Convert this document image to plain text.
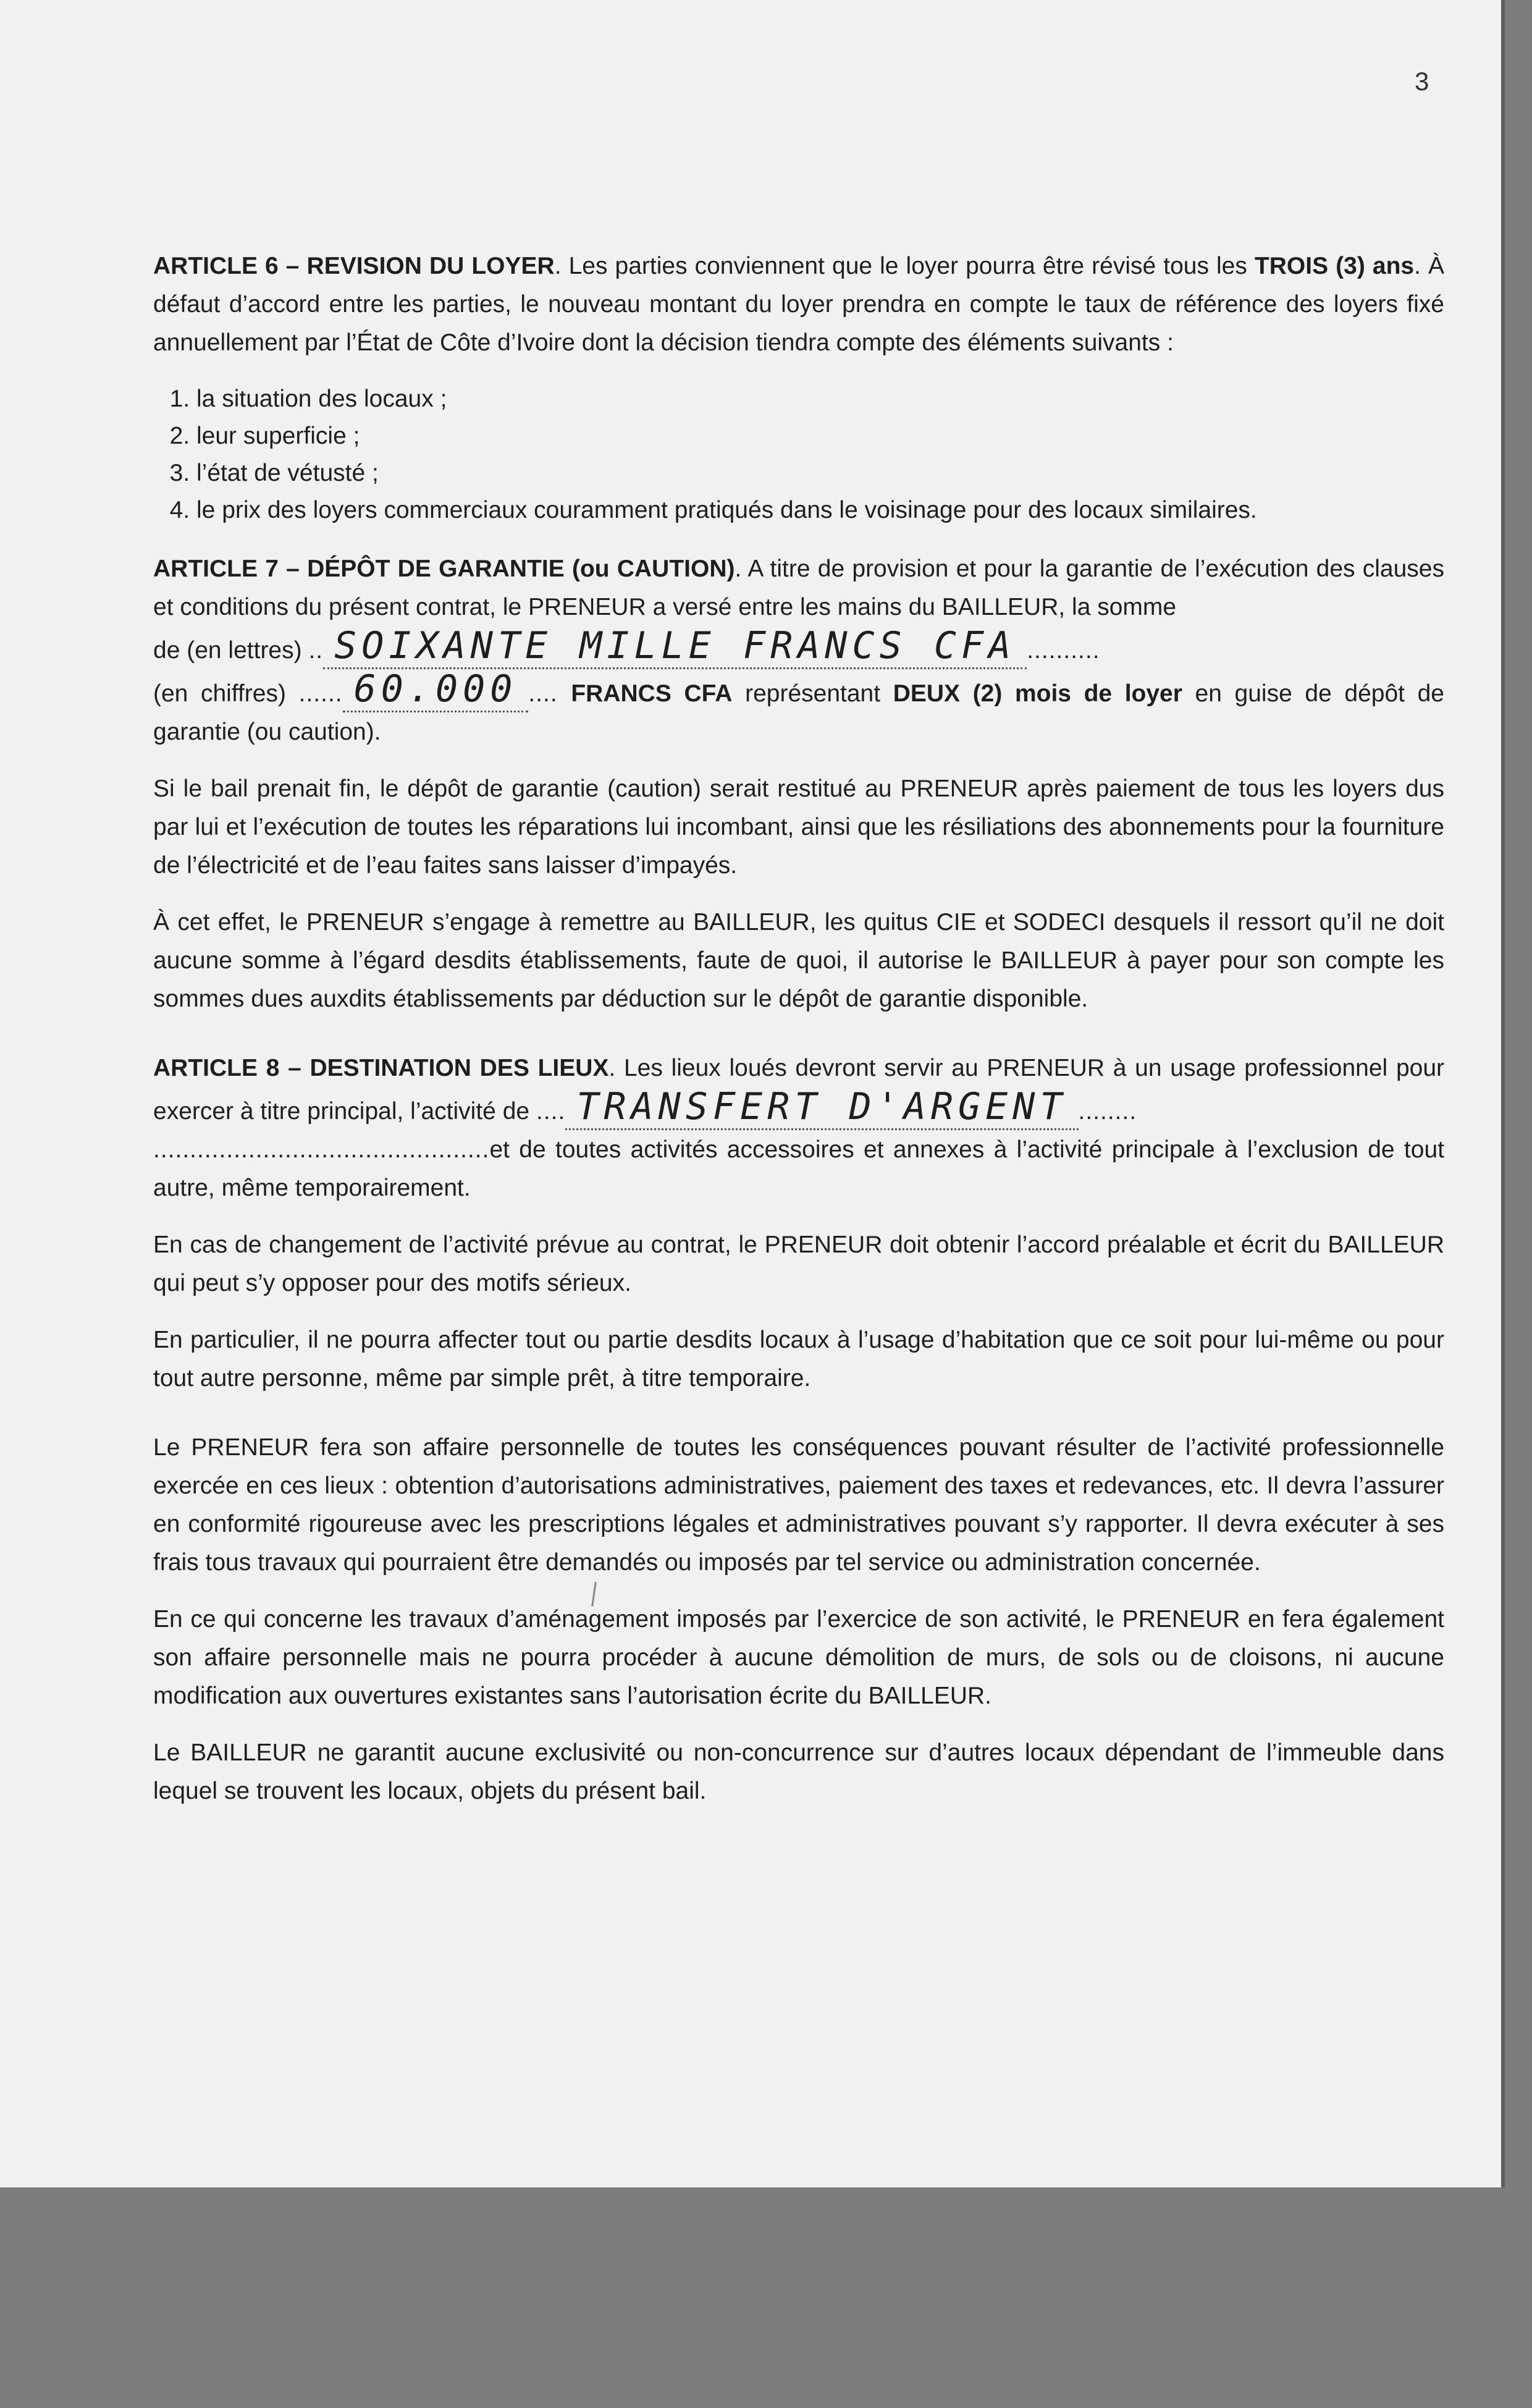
3

ARTICLE 6 – REVISION DU LOYER. Les parties conviennent que le loyer pourra être révisé tous les TROIS (3) ans. À défaut d’accord entre les parties, le nouveau montant du loyer prendra en compte le taux de référence des loyers fixé annuellement par l’État de Côte d’Ivoire dont la décision tiendra compte des éléments suivants :

1. la situation des locaux ;
2. leur superficie ;
3. l’état de vétusté ;
4. le prix des loyers commerciaux couramment pratiqués dans le voisinage pour des locaux similaires.

ARTICLE 7 – DÉPÔT DE GARANTIE (ou CAUTION). A titre de provision et pour la garantie de l’exécution des clauses et conditions du présent contrat, le PRENEUR a versé entre les mains du BAILLEUR, la somme
de (en lettres) .. SOIXANTE MILLE FRANCS CFA ..........
(en chiffres) ...... 60.000 .... FRANCS CFA représentant DEUX (2) mois de loyer en guise de dépôt de garantie (ou caution).

Si le bail prenait fin, le dépôt de garantie (caution) serait restitué au PRENEUR après paiement de tous les loyers dus par lui et l’exécution de toutes les réparations lui incombant, ainsi que les résiliations des abonnements pour la fourniture de l’électricité et de l’eau faites sans laisser d’impayés.

À cet effet, le PRENEUR s’engage à remettre au BAILLEUR, les quitus CIE et SODECI desquels il ressort qu’il ne doit aucune somme à l’égard desdits établissements, faute de quoi, il autorise le BAILLEUR à payer pour son compte les sommes dues auxdits établissements par déduction sur le dépôt de garantie disponible.

ARTICLE 8 – DESTINATION DES LIEUX. Les lieux loués devront servir au PRENEUR à un usage professionnel pour exercer à titre principal, l’activité de .... TRANSFERT D'ARGENT ........
..............................................et de toutes activités accessoires et annexes à l’activité principale à l’exclusion de tout autre, même temporairement.

En cas de changement de l’activité prévue au contrat, le PRENEUR doit obtenir l’accord préalable et écrit du BAILLEUR qui peut s’y opposer pour des motifs sérieux.

En particulier, il ne pourra affecter tout ou partie desdits locaux à l’usage d’habitation que ce soit pour lui-même ou pour tout autre personne, même par simple prêt, à titre temporaire.

Le PRENEUR fera son affaire personnelle de toutes les conséquences pouvant résulter de l’activité professionnelle exercée en ces lieux : obtention d’autorisations administratives, paiement des taxes et redevances, etc. Il devra l’assurer en conformité rigoureuse avec les prescriptions légales et administratives pouvant s’y rapporter. Il devra exécuter à ses frais tous travaux qui pourraient être demandés ou imposés par tel service ou administration concernée.

En ce qui concerne les travaux d’aménagement imposés par l’exercice de son activité, le PRENEUR en fera également son affaire personnelle mais ne pourra procéder à aucune démolition de murs, de sols ou de cloisons, ni aucune modification aux ouvertures existantes sans l’autorisation écrite du BAILLEUR.

Le BAILLEUR ne garantit aucune exclusivité ou non-concurrence sur d’autres locaux dépendant de l’immeuble dans lequel se trouvent les locaux, objets du présent bail.
